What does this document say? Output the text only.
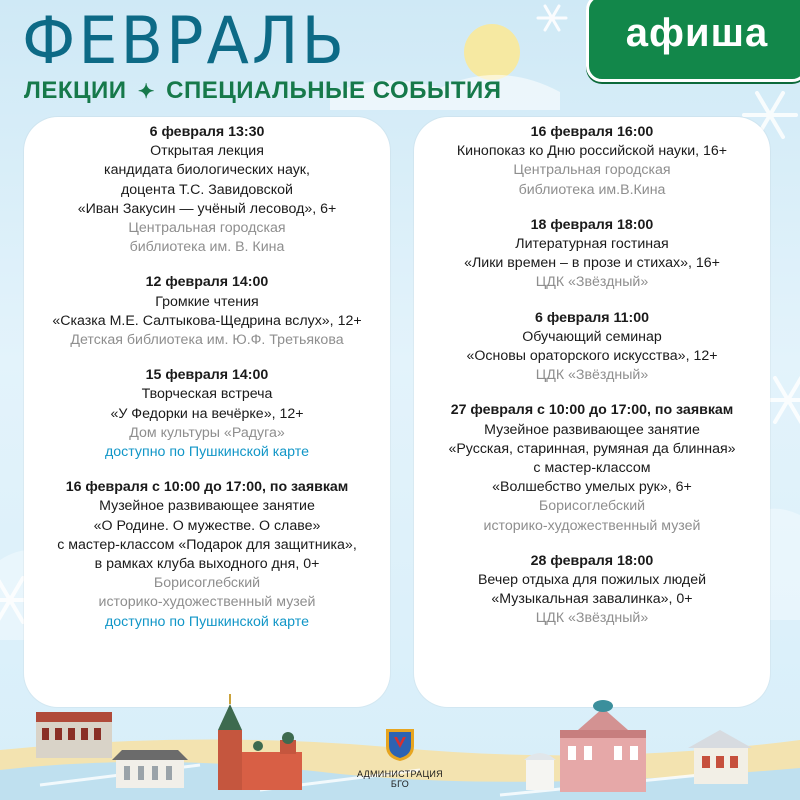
ФЕВРАЛЬ
ЛЕКЦИИ ✦ СПЕЦИАЛЬНЫЕ СОБЫТИЯ
афиша
6 февраля 13:30
Открытая лекция
кандидата биологических наук,
доцента Т.С. Завидовской
«Иван Закусин — учёный лесовод», 6+
Центральная городская
библиотека им. В. Кина
12 февраля 14:00
Громкие чтения
«Сказка М.Е. Салтыкова-Щедрина вслух», 12+
Детская библиотека им. Ю.Ф. Третьякова
15 февраля 14:00
Творческая встреча
«У Федорки на вечёрке», 12+
Дом культуры «Радуга»
доступно по Пушкинской карте
16 февраля с 10:00 до 17:00, по заявкам
Музейное развивающее занятие
«О Родине. О мужестве. О славе»
с мастер-классом «Подарок для защитника»,
в рамках клуба выходного дня, 0+
Борисоглебский
историко-художественный музей
доступно по Пушкинской карте
16 февраля 16:00
Кинопоказ ко Дню российской науки, 16+
Центральная городская
библиотека им.В.Кина
18 февраля 18:00
Литературная гостиная
«Лики времен – в прозе и стихах», 16+
ЦДК «Звёздный»
6 февраля 11:00
Обучающий семинар
«Основы ораторского искусства», 12+
ЦДК «Звёздный»
27 февраля с 10:00 до 17:00, по заявкам
Музейное развивающее занятие
«Русская, старинная, румяная да блинная»
с мастер-классом
«Волшебство умелых рук», 6+
Борисоглебский
историко-художественный музей
28 февраля 18:00
Вечер отдыха для пожилых людей
«Музыкальная завалинка», 0+
ЦДК «Звёздный»
АДМИНИСТРАЦИЯ БГО
